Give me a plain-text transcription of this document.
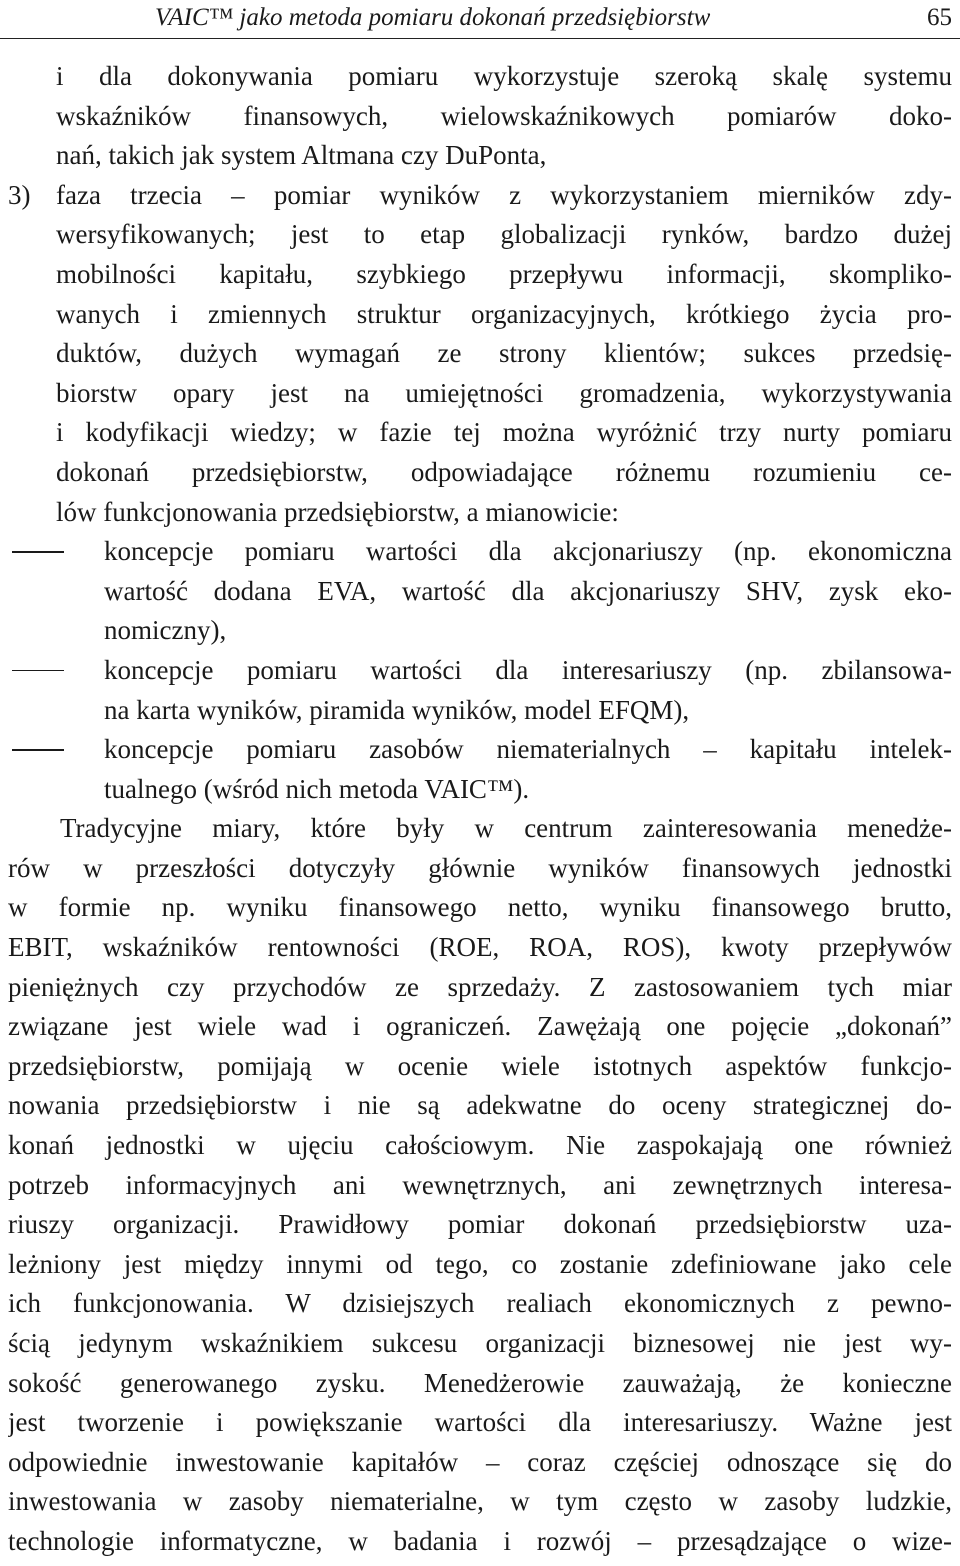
VAIC™ jako metoda pomiaru dokonań przedsiębiorstw	65
i dla dokonywania pomiaru wykorzystuje szeroką skalę systemu
wskaźników finansowych, wielowskaźnikowych pomiarów doko-
nań, takich jak system Altmana czy DuPonta,
3) faza trzecia – pomiar wyników z wykorzystaniem mierników zdy-
wersyfikowanych; jest to etap globalizacji rynków, bardzo dużej
mobilności kapitału, szybkiego przepływu informacji, skompliko-
wanych i zmiennych struktur organizacyjnych, krótkiego życia pro-
duktów, dużych wymagań ze strony klientów; sukces przedsię-
biorstw opary jest na umiejętności gromadzenia, wykorzystywania
i kodyfikacji wiedzy; w fazie tej można wyróżnić trzy nurty pomiaru
dokonań przedsiębiorstw, odpowiadające różnemu rozumieniu ce-
lów funkcjonowania przedsiębiorstw, a mianowicie:
koncepcje pomiaru wartości dla akcjonariuszy (np. ekonomiczna
wartość dodana EVA, wartość dla akcjonariuszy SHV, zysk eko-
nomiczny),
koncepcje pomiaru wartości dla interesariuszy (np. zbilansowa-
na karta wyników, piramida wyników, model EFQM),
koncepcje pomiaru zasobów niematerialnych – kapitału intelek-
tualnego (wśród nich metoda VAIC™).
Tradycyjne miary, które były w centrum zainteresowania menedże-
rów w przeszłości dotyczyły głównie wyników finansowych jednostki
w formie np. wyniku finansowego netto, wyniku finansowego brutto,
EBIT, wskaźników rentowności (ROE, ROA, ROS), kwoty przepływów
pieniężnych czy przychodów ze sprzedaży. Z zastosowaniem tych miar
związane jest wiele wad i ograniczeń. Zawężają one pojęcie „dokonań”
przedsiębiorstw, pomijają w ocenie wiele istotnych aspektów funkcjo-
nowania przedsiębiorstw i nie są adekwatne do oceny strategicznej do-
konań jednostki w ujęciu całościowym. Nie zaspokajają one również
potrzeb informacyjnych ani wewnętrznych, ani zewnętrznych interesa-
riuszy organizacji. Prawidłowy pomiar dokonań przedsiębiorstw uza-
leżniony jest między innymi od tego, co zostanie zdefiniowane jako cele
ich funkcjonowania. W dzisiejszych realiach ekonomicznych z pewno-
ścią jedynym wskaźnikiem sukcesu organizacji biznesowej nie jest wy-
sokość generowanego zysku. Menedżerowie zauważają, że konieczne
jest tworzenie i powiększanie wartości dla interesariuszy. Ważne jest
odpowiednie inwestowanie kapitałów – coraz częściej odnoszące się do
inwestowania w zasoby niematerialne, w tym często w zasoby ludzkie,
technologie informatyczne, w badania i rozwój – przesądzające o wize-
